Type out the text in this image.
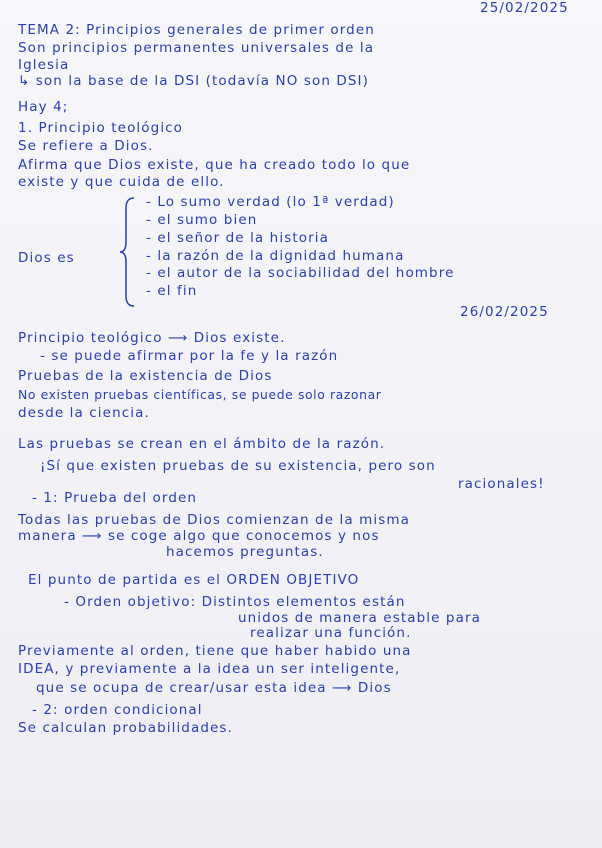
25/02/2025
TEMA 2: Principios generales de primer orden
Son principios permanentes universales de la
Iglesia
↳ son la base de la DSI (todavía NO son DSI)
Hay 4;
1. Principio teológico
Se refiere a Dios.
Afirma que Dios existe, que ha creado todo lo que
existe y que cuida de ello.
Dios es
- Lo sumo verdad (lo 1ª verdad)
- el sumo bien
- el señor de la historia
- la razón de la dignidad humana
- el autor de la sociabilidad del hombre
- el fin
26/02/2025
Principio teológico ⟶ Dios existe.
- se puede afirmar por la fe y la razón
Pruebas de la existencia de Dios
No existen pruebas científicas, se puede solo razonar
desde la ciencia.
Las pruebas se crean en el ámbito de la razón.
¡Sí que existen pruebas de su existencia, pero son
racionales!
- 1: Prueba del orden
Todas las pruebas de Dios comienzan de la misma
manera ⟶ se coge algo que conocemos y nos
hacemos preguntas.
El punto de partida es el ORDEN OBJETIVO
- Orden objetivo: Distintos elementos están
unidos de manera estable para
realizar una función.
Previamente al orden, tiene que haber habido una
IDEA, y previamente a la idea un ser inteligente,
que se ocupa de crear/usar esta idea ⟶ Dios
- 2: orden condicional
Se calculan probabilidades.
